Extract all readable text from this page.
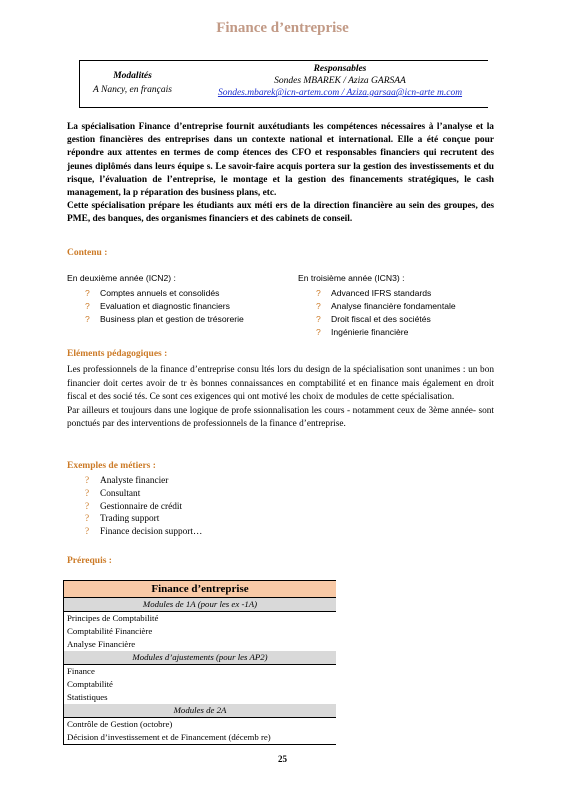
Finance d’entreprise
Modalités
A Nancy, en français
Responsables
Sondes MBAREK / Aziza GARSAA
Sondes.mbarek@icn-artem.com / Aziza.garsaa@icn-arte m.com

La spécialisation Finance d’entreprise fournit auxétudiants les compétences nécessaires à l’analyse et la gestion financières des entreprises dans un contexte national et international. Elle a été conçue pour répondre aux attentes en termes de comp étences des CFO et responsables financiers qui recrutent des jeunes diplômés dans leurs équipe s. Le savoir-faire acquis portera sur la gestion des investissements et du risque, l’évaluation de l’entreprise, le montage et la gestion des financements stratégiques, le cash management, la p réparation des business plans, etc.

Cette spécialisation prépare les étudiants aux méti ers de la direction financière au sein des groupes, des PME, des banques, des organismes financiers et des cabinets de conseil.

Contenu :
En deuxième année (ICN2) :
? Comptes annuels et consolidés
? Evaluation et diagnostic financiers
? Business plan et gestion de trésorerie
En troisième année (ICN3) :
? Advanced IFRS standards
? Analyse financière fondamentale
? Droit fiscal et des sociétés
? Ingénierie financière
Eléments pédagogiques :

Les professionnels de la finance d’entreprise consu ltés lors du design de la spécialisation sont unanimes : un bon financier doit certes avoir de tr ès bonnes connaissances en comptabilité et en finance mais également en droit fiscal et des socié tés. Ce sont ces exigences qui ont motivé les choix de modules de cette spécialisation.

Par ailleurs et toujours dans une logique de profe ssionnalisation les cours - notamment ceux de 3ème année- sont ponctués par des interventions de professionnels de la finance d’entreprise.

Exemples de métiers :
? Analyste financier
? Consultant
? Gestionnaire de crédit
? Trading support
? Finance decision support…
Prérequis :
Finance d’entreprise
Modules de 1A (pour les ex -1A)
Principes de Comptabilité
Comptabilité Financière
Analyse Financière
Modules d’ajustements (pour les AP2)
Finance
Comptabilité
Statistiques
Modules de 2A
Contrôle de Gestion (octobre)
Décision d’investissement et de Financement (décemb re)
25
